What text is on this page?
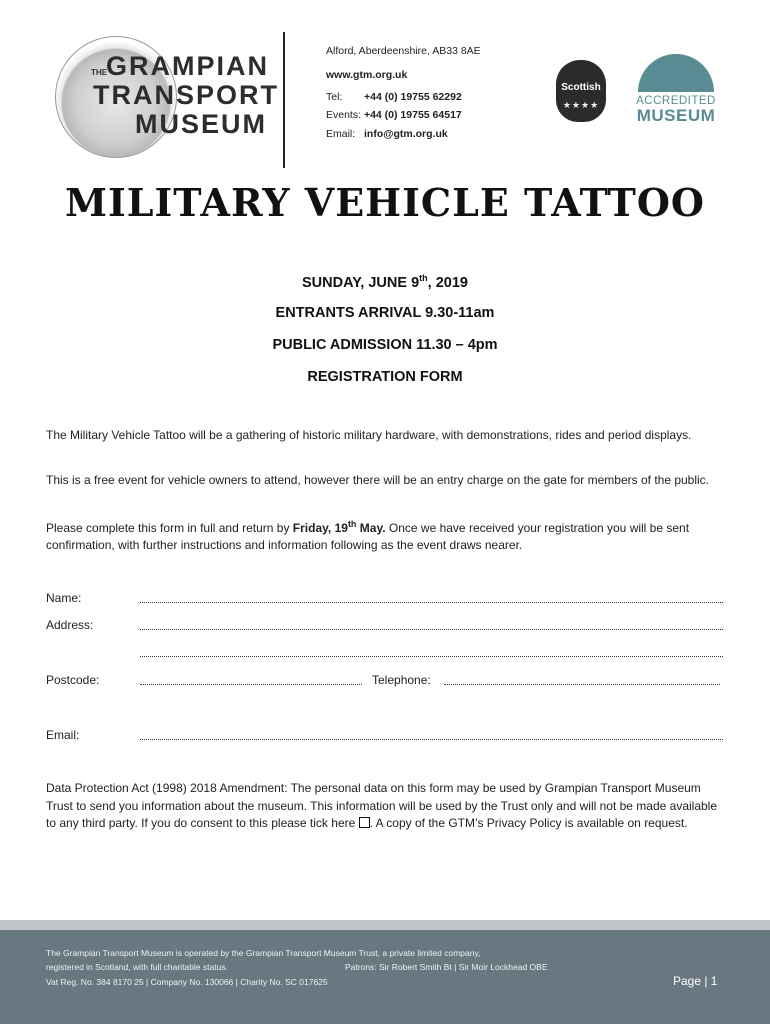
THE GRAMPIAN
TRANSPORT
MUSEUM
Alford, Aberdeenshire, AB33 8AE
www.gtm.org.uk
Tel: +44 (0) 19755 62292
Events: +44 (0) 19755 64517
Email: info@gtm.org.uk
Scottish
★★★★	ACCREDITED
MUSEUM
MILITARY VEHICLE TATTOO
SUNDAY, JUNE 9th, 2019
ENTRANTS ARRIVAL 9.30-11am
PUBLIC ADMISSION 11.30 – 4pm
REGISTRATION FORM
The Military Vehicle Tattoo will be a gathering of historic military hardware, with demonstrations, rides and period displays.
This is a free event for vehicle owners to attend, however there will be an entry charge on the gate for members of the public.
Please complete this form in full and return by Friday, 19th May. Once we have received your registration you will be sent confirmation, with further instructions and information following as the event draws nearer.
Name:
Address:
Postcode:	Telephone:
Email:
Data Protection Act (1998) 2018 Amendment: The personal data on this form may be used by Grampian Transport Museum Trust to send you information about the museum. This information will be used by the Trust only and will not be made available to any third party. If you do consent to this please tick here . A copy of the GTM’s Privacy Policy is available on request.
The Grampian Transport Museum is operated by the Grampian Transport Museum Trust, a private limited company,
registered in Scotland, with full charitable status.	Patrons: Sir Robert Smith Bt | Sir Moir Lockhead OBE
Vat Reg. No. 384 8170 25 | Company No. 130066 | Charity No. SC 017625	Page | 1
